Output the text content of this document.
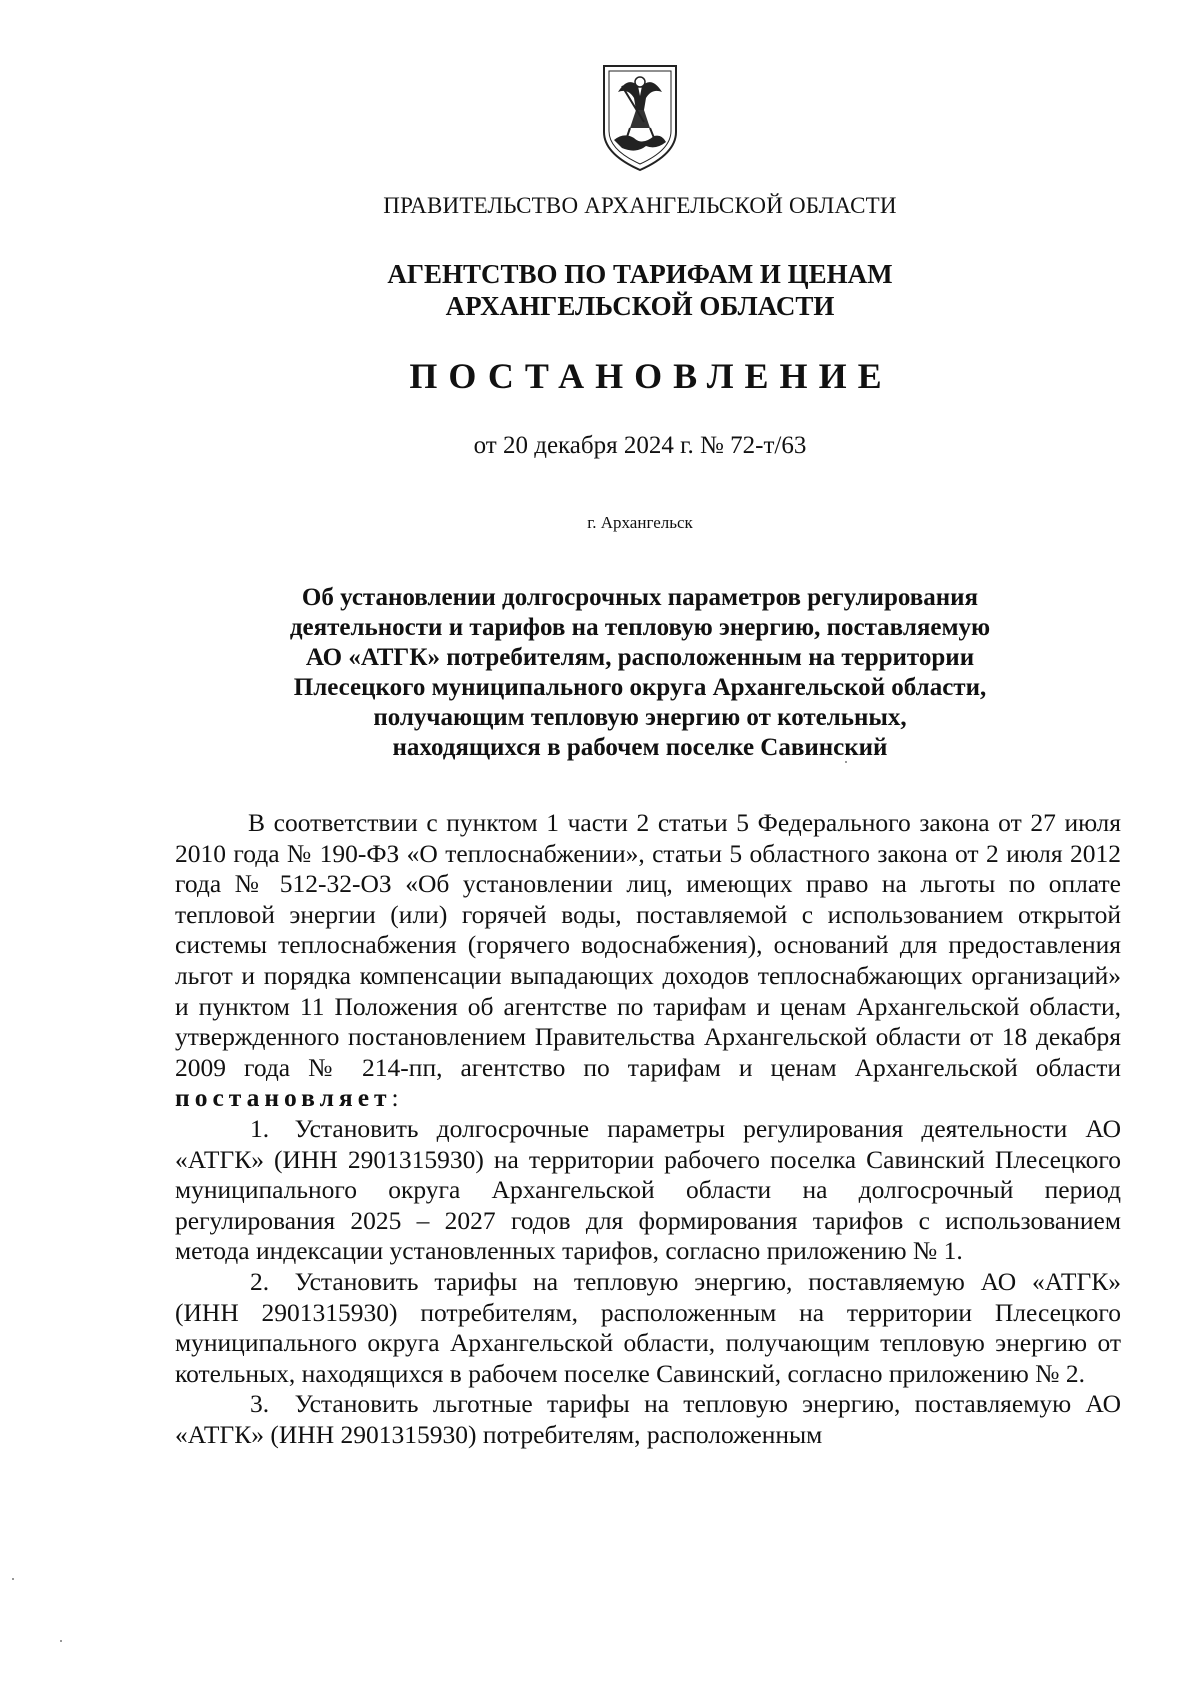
ПРАВИТЕЛЬСТВО АРХАНГЕЛЬСКОЙ ОБЛАСТИ
АГЕНТСТВО ПО ТАРИФАМ И ЦЕНАМ
АРХАНГЕЛЬСКОЙ ОБЛАСТИ
ПОСТАНОВЛЕНИЕ
от 20 декабря 2024 г. № 72-т/63
г. Архангельск
Об установлении долгосрочных параметров регулирования
деятельности и тарифов на тепловую энергию, поставляемую
АО «АТГК» потребителям, расположенным на территории
Плесецкого муниципального округа Архангельской области,
получающим тепловую энергию от котельных,
находящихся в рабочем поселке Савинский

В соответствии с пунктом 1 части 2 статьи 5 Федерального закона от 27 июля 2010 года № 190-ФЗ «О теплоснабжении», статьи 5 областного закона от 2 июля 2012 года № 512-32-ОЗ «Об установлении лиц, имеющих право на льготы по оплате тепловой энергии (или) горячей воды, поставляемой с использованием открытой системы теплоснабжения (горячего водоснабжения), оснований для предоставления льгот и порядка компенсации выпадающих доходов теплоснабжающих организаций» и пунктом 11 Положения об агентстве по тарифам и ценам Архангельской области, утвержденного постановлением Правительства Архангельской области от 18 декабря 2009 года № 214-пп, агентство по тарифам и ценам Архангельской области постановляет:

1. Установить долгосрочные параметры регулирования деятельности АО «АТГК» (ИНН 2901315930) на территории рабочего поселка Савинский Плесецкого муниципального округа Архангельской области на долгосрочный период регулирования 2025 – 2027 годов для формирования тарифов с использованием метода индексации установленных тарифов, согласно приложению № 1.

2. Установить тарифы на тепловую энергию, поставляемую АО «АТГК» (ИНН 2901315930) потребителям, расположенным на территории Плесецкого муниципального округа Архангельской области, получающим тепловую энергию от котельных, находящихся в рабочем поселке Савинский, согласно приложению № 2.

3. Установить льготные тарифы на тепловую энергию, поставляемую АО «АТГК» (ИНН 2901315930) потребителям, расположенным
